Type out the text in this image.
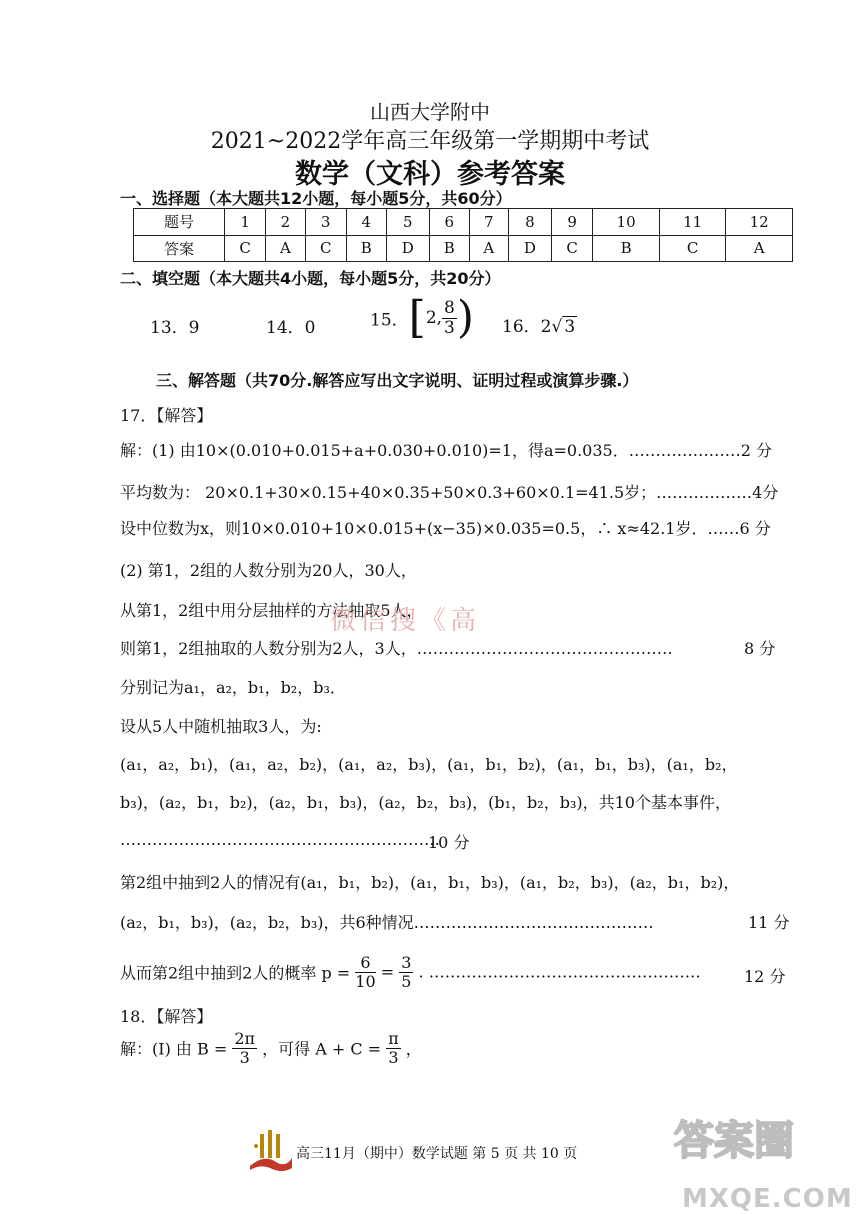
山西大学附中
2021~2022学年高三年级第一学期期中考试
数学（文科）参考答案
一、选择题（本大题共12小题，每小题5分，共60分）
题号	1	2	3	4	5	6	7	8	9	10	11	12
答案	C	A	C	B	D	B	A	D	C	B	C	A
二、填空题（本大题共4小题，每小题5分，共20分）
13．9	14．0	15．[2, $\frac{8}{3}$ ) 16．2√ 3
三、解答题（共70分.解答应写出文字说明、证明过程或演算步骤.）
17．【解答】
解：(1) 由10×(0.010+0.015+a+0.030+0.010)=1，得a=0.035．…………………2 分
平均数为： 20×0.1+30×0.15+40×0.35+50×0.3+60×0.1=41.5岁；………………4分
设中位数为x，则10×0.010+10×0.015+(x−35)×0.035=0.5，∴ x≈42.1岁．……6 分
(2) 第1，2组的人数分别为20人，30人，
从第1，2组中用分层抽样的方法抽取5人，
微信搜《高
则第1，2组抽取的人数分别为2人，3人，…………………………………………	8 分
分别记为a₁，a₂，b₁，b₂，b₃．
设从5人中随机抽取3人，为:
(a₁，a₂，b₁)，(a₁，a₂，b₂)，(a₁，a₂，b₃)，(a₁，b₁，b₂)，(a₁，b₁，b₃)，(a₁，b₂，
b₃)，(a₂，b₁，b₂)，(a₂，b₁，b₃)，(a₂，b₂，b₃)，(b₁，b₂，b₃)，共10个基本事件，
……………………………………………………
10 分
第2组中抽到2人的情况有(a₁，b₁，b₂)，(a₁，b₁，b₃)，(a₁，b₂，b₃)，(a₂，b₁，b₂)，
(a₂，b₁，b₃)，(a₂，b₂，b₃)，共6种情况………………………………………	11 分
从而第2组中抽到2人的概率 $p = \frac{6}{10} = \frac{3}{5}$ . ……………………………………………	12 分
18．【解答】
解：(Ⅰ) 由 $B = \frac{2\pi}{3}$ ，可得 $A + C = \frac{\pi}{3}$ ，
高三11月（期中）数学试题 第 5 页 共 10 页 答案圈
MXQE.COM
